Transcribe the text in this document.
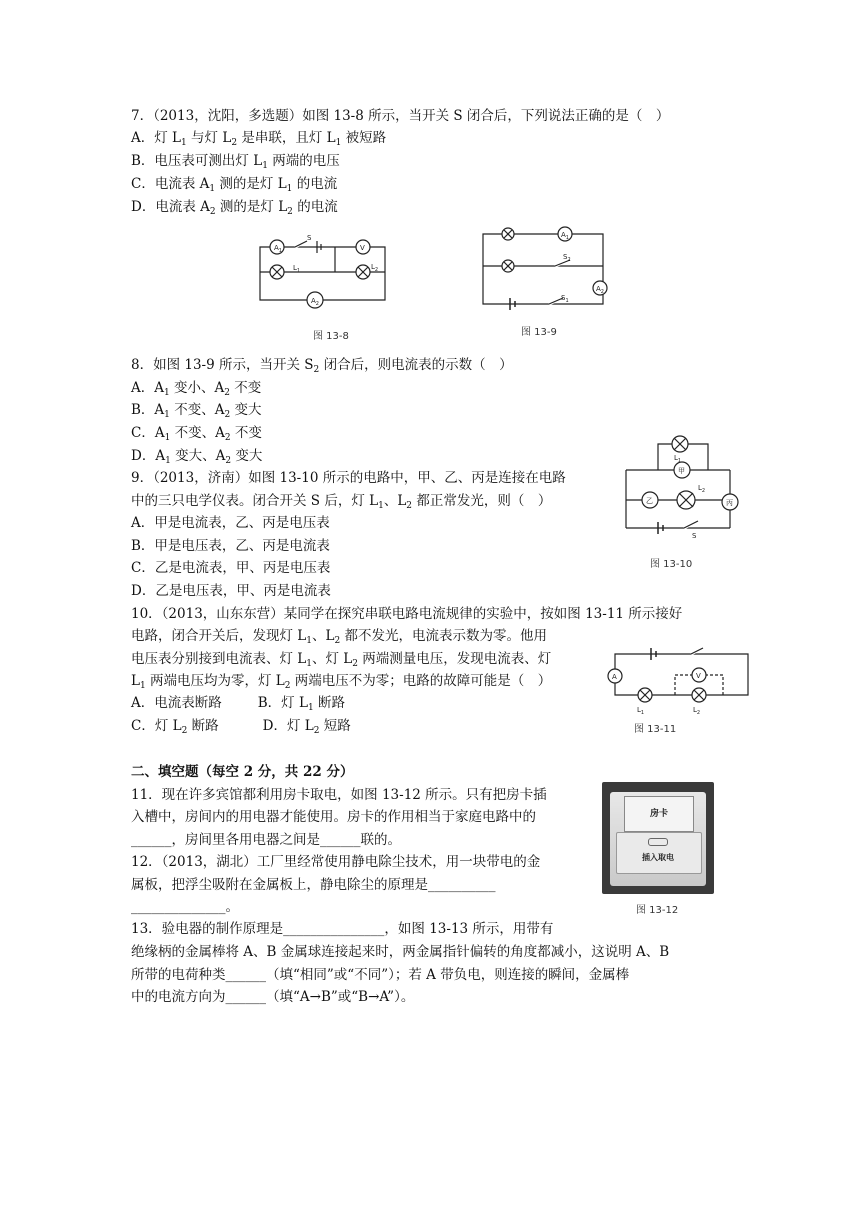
7．（2013，沈阳，多选题）如图 13-8 所示，当开关 S 闭合后，下列说法正确的是（　）
A．灯 $L_1$ 与灯 $L_2$ 是串联，且灯 $L_1$ 被短路
B．电压表可测出灯 $L_1$ 两端的电压
C．电流表 $A_1$ 测的是灯 $L_1$ 的电流
D．电流表 $A_2$ 测的是灯 $L_2$ 的电流
$A_1$
S
V
$L_1$	$L_2$
$A_2$
图 13-8
$A_1$
$S_2$
$S_1$
$A_2$
图 13-9
8．如图 13-9 所示，当开关 $S_2$ 闭合后，则电流表的示数（　）
A．$A_1$ 变小、$A_2$ 不变
B．$A_1$ 不变、$A_2$ 变大
C．$A_1$ 不变、$A_2$ 不变
D．$A_1$ 变大、$A_2$ 变大
9．（2013，济南）如图 13-10 所示的电路中，甲、乙、丙是连接在电路
中的三只电学仪表。闭合开关 S 后，灯 $L_1$、$L_2$ 都正常发光，则（　）
A．甲是电流表，乙、丙是电压表
B．甲是电压表，乙、丙是电流表
C．乙是电流表，甲、丙是电压表
D．乙是电压表，甲、丙是电流表
甲
乙	丙
S
$L_1$
$L_2$
图 13-10
10．（2013，山东东营）某同学在探究串联电路电流规律的实验中，按如图 13-11 所示接好
电路，闭合开关后，发现灯 $L_1$、$L_2$ 都不发光，电流表示数为零。他用
电压表分别接到电流表、灯 $L_1$、灯 $L_2$ 两端测量电压，发现电流表、灯
$L_1$ 两端电压均为零，灯 $L_2$ 两端电压不为零；电路的故障可能是（　）
A．电流表断路	B．灯 $L_1$ 断路
C．灯 $L_2$ 断路	D．灯 $L_2$ 短路
A	V
$L_1$	$L_2$
图 13-11
二、填空题（每空 2 分，共 22 分）
11．现在许多宾馆都利用房卡取电，如图 13-12 所示。只有把房卡插
入槽中，房间内的用电器才能使用。房卡的作用相当于家庭电路中的
______，房间里各用电器之间是______联的。
房卡
插入取电
图 13-12
12．（2013，湖北）工厂里经常使用静电除尘技术，用一块带电的金
属板，把浮尘吸附在金属板上，静电除尘的原理是__________
______________。
13．验电器的制作原理是_______________，如图 13-13 所示，用带有
绝缘柄的金属棒将 A、B 金属球连接起来时，两金属指针偏转的角度都减小，这说明 A、B
所带的电荷种类______（填“相同”或“不同”）；若 A 带负电，则连接的瞬间，金属棒
中的电流方向为______（填“A→B”或“B→A”）。
